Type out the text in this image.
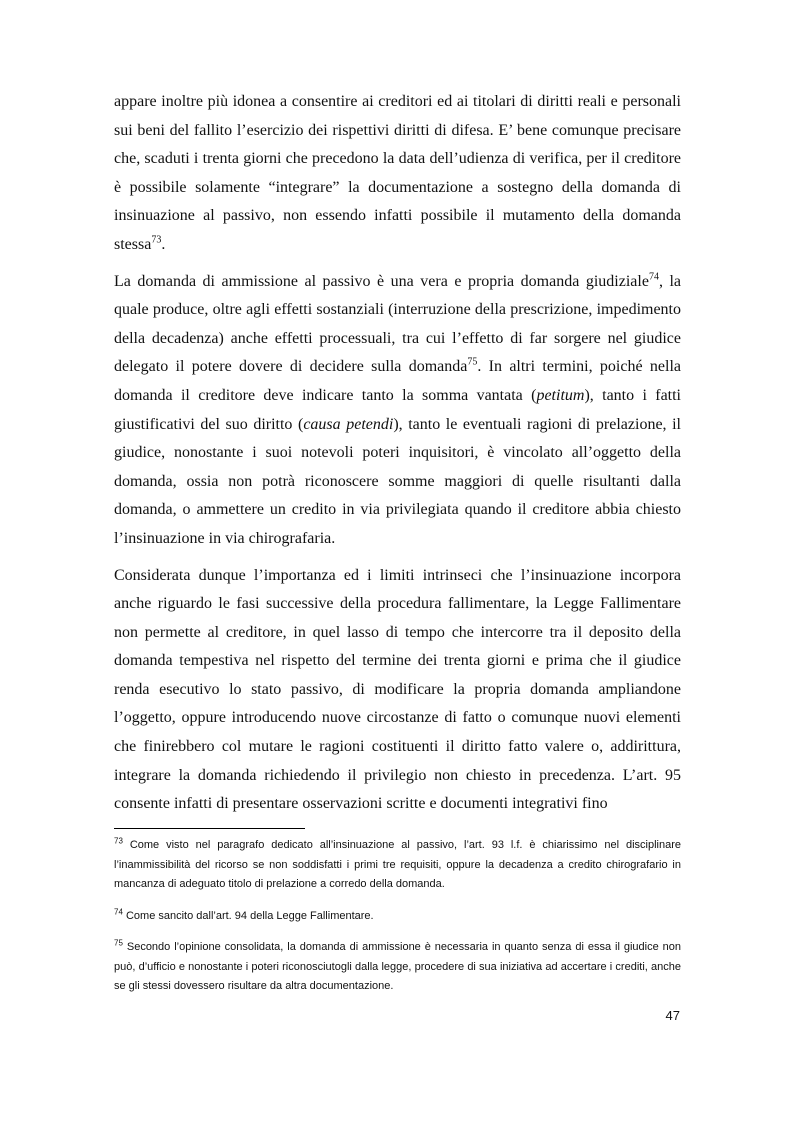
appare inoltre più idonea a consentire ai creditori ed ai titolari di diritti reali e personali sui beni del fallito l’esercizio dei rispettivi diritti di difesa. E’ bene comunque precisare che, scaduti i trenta giorni che precedono la data dell’udienza di verifica, per il creditore è possibile solamente “integrare” la documentazione a sostegno della domanda di insinuazione al passivo, non essendo infatti possibile il mutamento della domanda stessa$^{73}$.

La domanda di ammissione al passivo è una vera e propria domanda giudiziale$^{74}$, la quale produce, oltre agli effetti sostanziali (interruzione della prescrizione, impedimento della decadenza) anche effetti processuali, tra cui l’effetto di far sorgere nel giudice delegato il potere dovere di decidere sulla domanda$^{75}$. In altri termini, poiché nella domanda il creditore deve indicare tanto la somma vantata (petitum), tanto i fatti giustificativi del suo diritto (causa petendi), tanto le eventuali ragioni di prelazione, il giudice, nonostante i suoi notevoli poteri inquisitori, è vincolato all’oggetto della domanda, ossia non potrà riconoscere somme maggiori di quelle risultanti dalla domanda, o ammettere un credito in via privilegiata quando il creditore abbia chiesto l’insinuazione in via chirografaria.

Considerata dunque l’importanza ed i limiti intrinseci che l’insinuazione incorpora anche riguardo le fasi successive della procedura fallimentare, la Legge Fallimentare non permette al creditore, in quel lasso di tempo che intercorre tra il deposito della domanda tempestiva nel rispetto del termine dei trenta giorni e prima che il giudice renda esecutivo lo stato passivo, di modificare la propria domanda ampliandone l’oggetto, oppure introducendo nuove circostanze di fatto o comunque nuovi elementi che finirebbero col mutare le ragioni costituenti il diritto fatto valere o, addirittura, integrare la domanda richiedendo il privilegio non chiesto in precedenza. L’art. 95 consente infatti di presentare osservazioni scritte e documenti integrativi fino

$^{73}$ Come visto nel paragrafo dedicato all’insinuazione al passivo, l’art. 93 l.f. è chiarissimo nel disciplinare l’inammissibilità del ricorso se non soddisfatti i primi tre requisiti, oppure la decadenza a credito chirografario in mancanza di adeguato titolo di prelazione a corredo della domanda.

$^{74}$ Come sancito dall’art. 94 della Legge Fallimentare.

$^{75}$ Secondo l’opinione consolidata, la domanda di ammissione è necessaria in quanto senza di essa il giudice non può, d’ufficio e nonostante i poteri riconosciutogli dalla legge, procedere di sua iniziativa ad accertare i crediti, anche se gli stessi dovessero risultare da altra documentazione.

47
